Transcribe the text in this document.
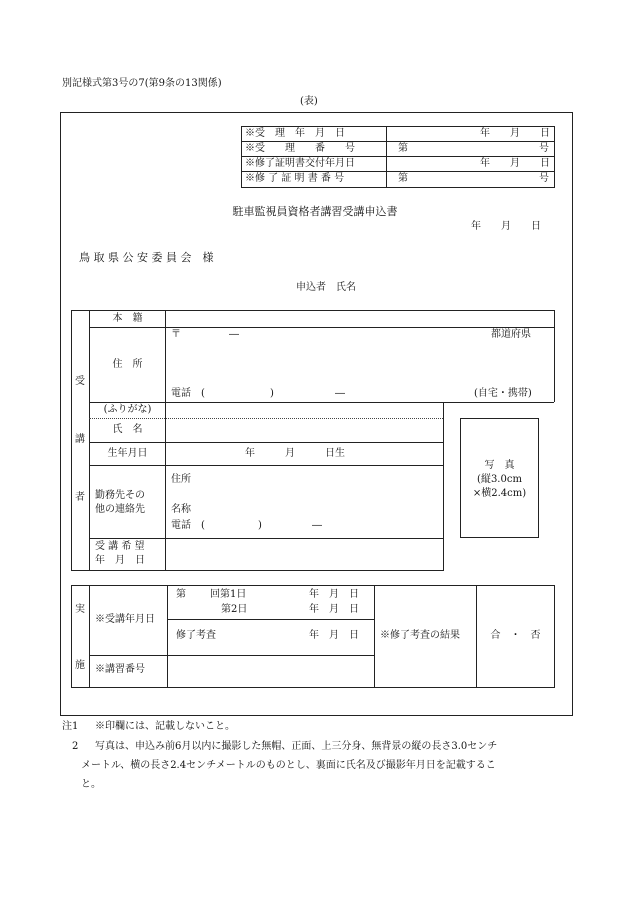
別記様式第3号の7(第9条の13関係)
(表)
※受　理　年　月　日	年　　月　　日
※受　　理　　番　　号	第	号
※修了証明書交付年月日	年　　月　　日
※修 了 証 明 書 番 号	第	号
駐車監視員資格者講習受講申込書
年　　月　　日
鳥 取 県 公 安 委 員 会　様
申込者　氏名
受
講
者
本　籍
住　所
〒	―	都道府県
電話　(	)	―	(自宅・携帯)
(ふりがな)
氏　名
生年月日	年　　　月　　　日生
勤務先その
他の連絡先
住所
名称
電話　(	)	―
受 講 希 望
年　月　日
写　真
(縦3.0cm
×横2.4cm)
実
施
※受講年月日
第 回第1日	年　月　日
第2日	年　月　日
修了考査	年　月　日 ※修了考査の結果	合　・　否
※講習番号
注1 ※印欄には、記載しないこと。
2 写真は、申込み前6月以内に撮影した無帽、正面、上三分身、無背景の縦の長さ3.0センチ
メートル、横の長さ2.4センチメートルのものとし、裏面に氏名及び撮影年月日を記載するこ
と。
